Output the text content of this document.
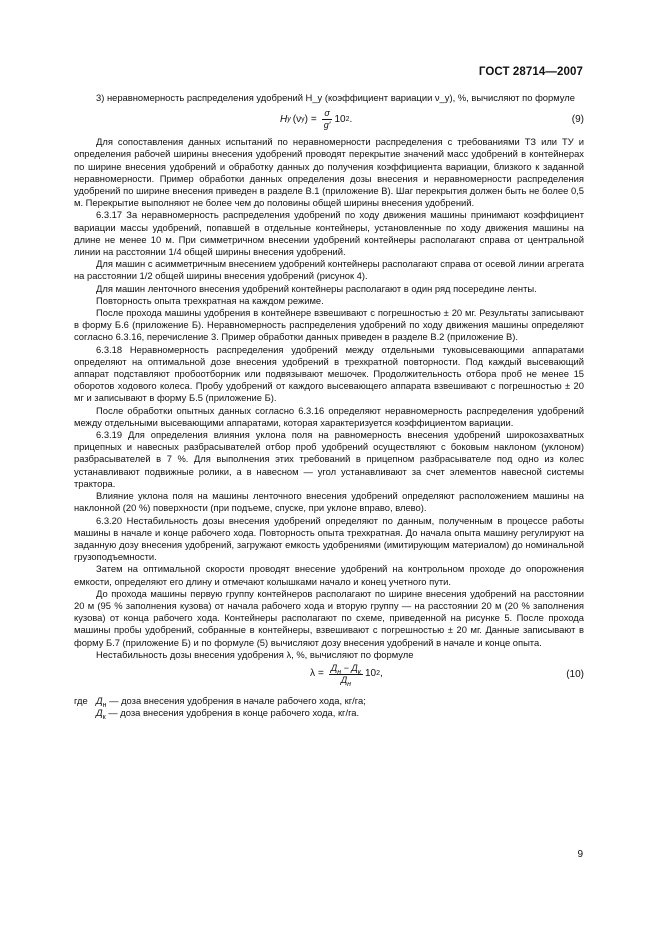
ГОСТ 28714—2007

3) неравномерность распределения удобрений H_y (коэффициент вариации ν_y), %, вычисляют по формуле

H у (ν у ) = $\frac{\sigma}{g'} 10$ 2 .	(9)

Для сопоставления данных испытаний по неравномерности распределения с требованиями ТЗ или ТУ и определения рабочей ширины внесения удобрений проводят перекрытие значений масс удобрений в контейнерах по ширине внесения удобрений и обработку данных до получения коэффициента вариации, близкого к заданной неравномерности. Пример обработки данных определения дозы внесения и неравномерности распределения удобрений по ширине внесения приведен в разделе В.1 (приложение В). Шаг перекрытия должен быть не более 0,5 м. Перекрытие выполняют не более чем до половины общей ширины внесения удобрений.

6.3.17 За неравномерность распределения удобрений по ходу движения машины принимают коэффициент вариации массы удобрений, попавшей в отдельные контейнеры, установленные по ходу движения машины на длине не менее 10 м. При симметричном внесении удобрений контейнеры располагают справа от центральной линии на расстоянии 1/4 общей ширины внесения удобрений.

Для машин с асимметричным внесением удобрений контейнеры располагают справа от осевой линии агрегата на расстоянии 1/2 общей ширины внесения удобрений (рисунок 4).

Для машин ленточного внесения удобрений контейнеры располагают в один ряд посередине ленты.

Повторность опыта трехкратная на каждом режиме.

После прохода машины удобрения в контейнере взвешивают с погрешностью ± 20 мг. Результаты записывают в форму Б.6 (приложение Б). Неравномерность распределения удобрений по ходу движения машины определяют согласно 6.3.16, перечисление 3. Пример обработки данных приведен в разделе В.2 (приложение В).

6.3.18 Неравномерность распределения удобрений между отдельными туковысевающими аппаратами определяют на оптимальной дозе внесения удобрений в трехкратной повторности. Под каждый высевающий аппарат подставляют пробоотборник или подвязывают мешочек. Продолжительность отбора проб не менее 15 оборотов ходового колеса. Пробу удобрений от каждого высевающего аппарата взвешивают с погрешностью ± 20 мг и записывают в форму Б.5 (приложение Б).

После обработки опытных данных согласно 6.3.16 определяют неравномерность распределения удобрений между отдельными высевающими аппаратами, которая характеризуется коэффициентом вариации.

6.3.19 Для определения влияния уклона поля на равномерность внесения удобрений широкозахватных прицепных и навесных разбрасывателей отбор проб удобрений осуществляют с боковым наклоном (уклоном) разбрасывателей в 7 %. Для выполнения этих требований в прицепном разбрасывателе под одно из колес устанавливают подвижные ролики, а в навесном — угол устанавливают за счет элементов навесной системы трактора.

Влияние уклона поля на машины ленточного внесения удобрений определяют расположением машины на наклонной (20 %) поверхности (при подъеме, спуске, при уклоне вправо, влево).

6.3.20 Нестабильность дозы внесения удобрений определяют по данным, полученным в процессе работы машины в начале и конце рабочего хода. Повторность опыта трехкратная. До начала опыта машину регулируют на заданную дозу внесения удобрений, загружают емкость удобрениями (имитирующим материалом) до номинальной грузоподъемности.

Затем на оптимальной скорости проводят внесение удобрений на контрольном проходе до опорожнения емкости, определяют его длину и отмечают колышками начало и конец учетного пути.

До прохода машины первую группу контейнеров располагают по ширине внесения удобрений на расстоянии 20 м (95 % заполнения кузова) от начала рабочего хода и вторую группу — на расстоянии 20 м (20 % заполнения кузова) от конца рабочего хода. Контейнеры располагают по схеме, приведенной на рисунке 5. После прохода машины пробы удобрений, собранные в контейнеры, взвешивают с погрешностью ± 20 мг. Данные записывают в форму Б.7 (приложение Б) и по формуле (5) вычисляют дозу внесения удобрений в начале и конце опыта.

Нестабильность дозы внесения удобрения λ, %, вычисляют по формуле

$\lambda = \frac{Д_н - Д_к}{Д_н} 10$ 2 ,	(10)
где $Д_н$ — доза внесения удобрения в начале рабочего хода, кг/га;
$Д_к$ — доза внесения удобрения в конце рабочего хода, кг/га.
9
